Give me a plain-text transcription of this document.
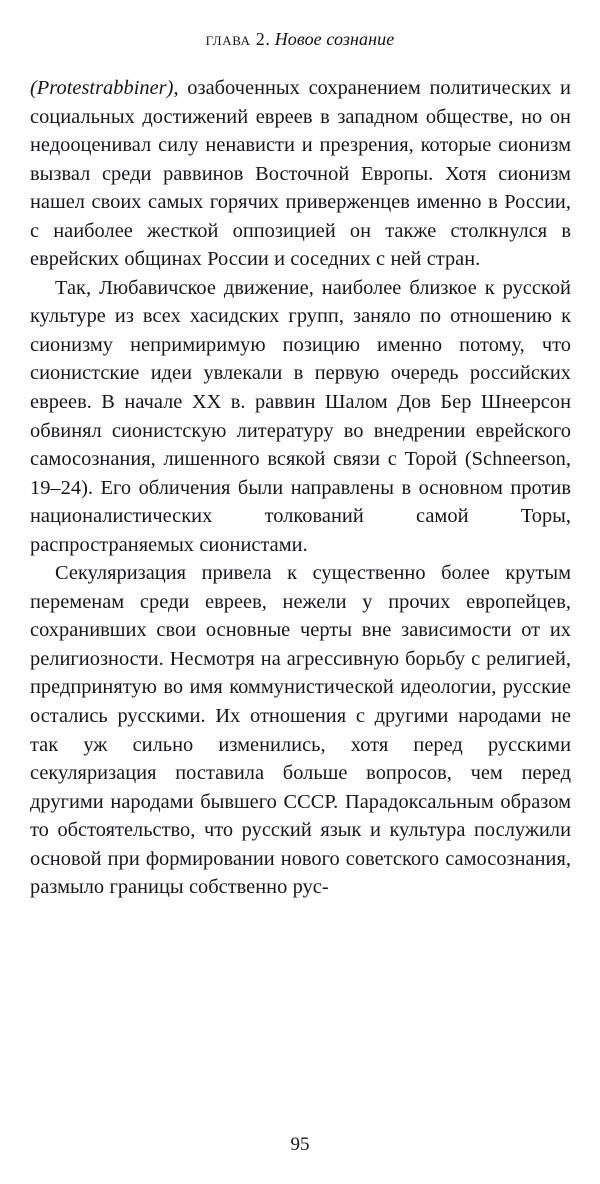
глава 2. Новое сознание

(Protestrabbiner), озабоченных сохранением политических и социальных достижений евреев в западном обществе, но он недооценивал силу ненависти и презрения, которые сионизм вызвал среди раввинов Восточной Европы. Хотя сионизм нашел своих самых горячих приверженцев именно в России, с наиболее жесткой оппозицией он также столкнулся в еврейских общинах России и соседних с ней стран.

Так, Любавичское движение, наиболее близкое к русской культуре из всех хасидских групп, заняло по отношению к сионизму непримиримую позицию именно потому, что сионистские идеи увлекали в первую очередь российских евреев. В начале XX в. раввин Шалом Дов Бер Шнеерсон обвинял сионистскую литературу во внедрении еврейского самосознания, лишенного всякой связи с Торой (Schneerson, 19–24). Его обличения были направлены в основном против националистических толкований самой Торы, распространяемых сионистами.

Секуляризация привела к существенно более крутым переменам среди евреев, нежели у прочих европейцев, сохранивших свои основные черты вне зависимости от их религиозности. Несмотря на агрессивную борьбу с религией, предпринятую во имя коммунистической идеологии, русские остались русскими. Их отношения с другими народами не так уж сильно изменились, хотя перед русскими секуляризация поставила больше вопросов, чем перед другими народами бывшего СССР. Парадоксальным образом то обстоятельство, что русский язык и культура послужили основой при формировании нового советского самосознания, размыло границы собственно рус-

95
